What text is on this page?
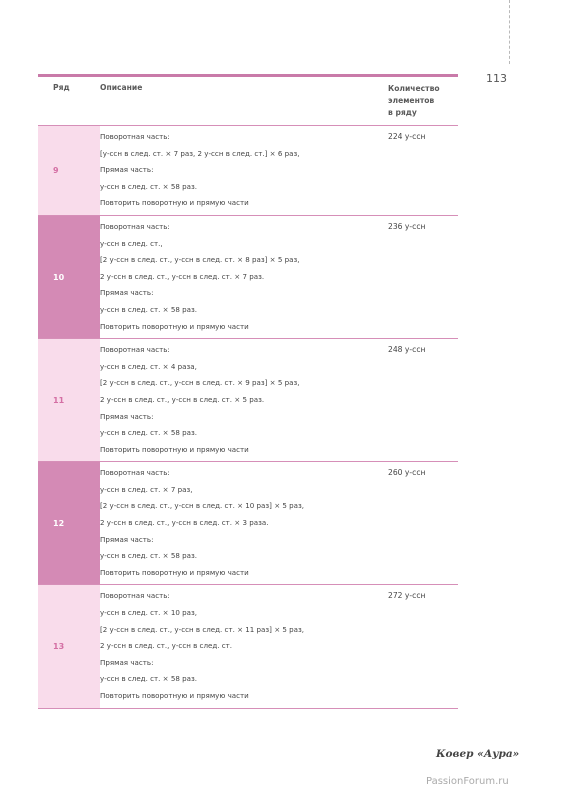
113
Ряд	Описание	Количество
элементов
в ряду
9
Поворотная часть:
[у-ссн в след. ст. × 7 раз, 2 у-ссн в след. ст.] × 6 раз,
Прямая часть:
у-ссн в след. ст. × 58 раз.
Повторить поворотную и прямую части
224 у-ссн
10
Поворотная часть:
у-ссн в след. ст.,
[2 у-ссн в след. ст., у-ссн в след. ст. × 8 раз] × 5 раз,
2 у-ссн в след. ст., у-ссн в след. ст. × 7 раз.
Прямая часть:
у-ссн в след. ст. × 58 раз.
Повторить поворотную и прямую части
236 у-ссн
11
Поворотная часть:
у-ссн в след. ст. × 4 раза,
[2 у-ссн в след. ст., у-ссн в след. ст. × 9 раз] × 5 раз,
2 у-ссн в след. ст., у-ссн в след. ст. × 5 раз.
Прямая часть:
у-ссн в след. ст. × 58 раз.
Повторить поворотную и прямую части
248 у-ссн
12
Поворотная часть:
у-ссн в след. ст. × 7 раз,
[2 у-ссн в след. ст., у-ссн в след. ст. × 10 раз] × 5 раз,
2 у-ссн в след. ст., у-ссн в след. ст. × 3 раза.
Прямая часть:
у-ссн в след. ст. × 58 раз.
Повторить поворотную и прямую части
260 у-ссн
13
Поворотная часть:
у-ссн в след. ст. × 10 раз,
[2 у-ссн в след. ст., у-ссн в след. ст. × 11 раз] × 5 раз,
2 у-ссн в след. ст., у-ссн в след. ст.
Прямая часть:
у-ссн в след. ст. × 58 раз.
Повторить поворотную и прямую части
272 у-ссн
Ковер «Аура»
PassionForum.ru
